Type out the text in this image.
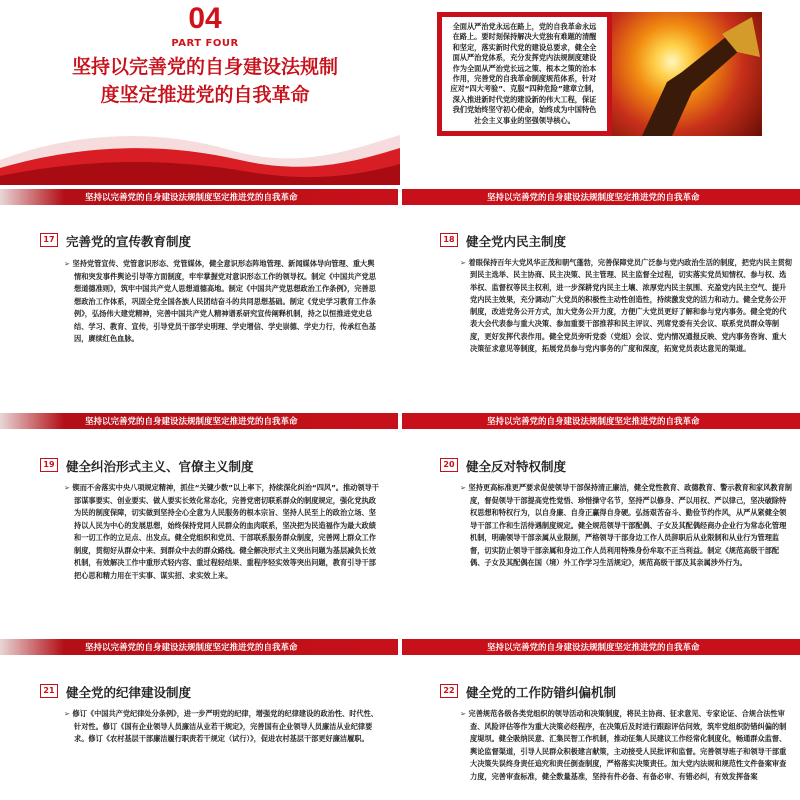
04
PART FOUR
坚持以完善党的自身建设法规制
度坚定推进党的自我革命
全面从严治党永远在路上，党的自我革命永远在路上。要时刻保持解决大党独有难题的清醒和坚定，落实新时代党的建设总要求，健全全面从严治党体系，充分发挥党内法规制度建设作为全面从严治党长远之策、根本之策的治本作用，完善党的自我革命制度规范体系，针对应对“四大考验”、克服“四种危险”建章立制，深入推进新时代党的建设新的伟大工程，保证我们党始终坚守初心使命，始终成为中国特色社会主义事业的坚强领导核心。
坚持以完善党的自身建设法规制度坚定推进党的自我革命	坚持以完善党的自身建设法规制度坚定推进党的自我革命
坚持以完善党的自身建设法规制度坚定推进党的自我革命	坚持以完善党的自身建设法规制度坚定推进党的自我革命
坚持以完善党的自身建设法规制度坚定推进党的自我革命	坚持以完善党的自身建设法规制度坚定推进党的自我革命
17 完善党的宣传教育制度
➢ 坚持党管宣传、党管意识形态、党管媒体，健全意识形态阵地管理、新闻媒体导向管理、重大舆情和突发事件舆论引导等方面制度，牢牢掌握党对意识形态工作的领导权。制定《中国共产党思想道德准则》，筑牢中国共产党人思想道德高地。制定《中国共产党思想政治工作条例》，完善思想政治工作体系，巩固全党全国各族人民团结奋斗的共同思想基础。制定《党史学习教育工作条例》，弘扬伟大建党精神，完善中国共产党人精神谱系研究宣传阐释机制，持之以恒推进党史总结、学习、教育、宣传，引导党员干部学史明理、学史增信、学史崇德、学史力行，传承红色基因，赓续红色血脉。
18 健全党内民主制度
➢ 着眼保持百年大党风华正茂和朝气蓬勃，完善保障党员广泛参与党内政治生活的制度，把党内民主贯彻到民主选举、民主协商、民主决策、民主管理、民主监督全过程，切实落实党员知情权、参与权、选举权、监督权等民主权利，进一步深耕党内民主土壤、浓厚党内民主氛围、充盈党内民主空气、提升党内民主效果，充分调动广大党员的积极性主动性创造性，持续激发党的活力和动力。健全党务公开制度，改进党务公开方式，加大党务公开力度，方便广大党员更好了解和参与党内事务。健全党的代表大会代表参与重大决策、参加重要干部推荐和民主评议、列席党委有关会议、联系党员群众等制度，更好发挥代表作用。健全党员旁听党委（党组）会议、党内情况通报反映、党内事务咨询、重大决策征求意见等制度，拓展党员参与党内事务的广度和深度，拓宽党员表达意见的渠道。
19 健全纠治形式主义、官僚主义制度
➢ 锲而不舍落实中央八项规定精神，抓住“关键少数”以上率下，持续深化纠治“四风”。推动领导干部谋事要实、创业要实、做人要实长效化常态化，完善党密切联系群众的制度规定，强化党执政为民的制度保障，切实做到坚持全心全意为人民服务的根本宗旨、坚持人民至上的政治立场、坚持以人民为中心的发展思想，始终保持党同人民群众的血肉联系，坚决把为民造福作为最大政绩和一切工作的立足点、出发点。健全党组织和党员、干部联系服务群众制度，完善网上群众工作制度，贯彻好从群众中来、到群众中去的群众路线。健全解决形式主义突出问题为基层减负长效机制，有效解决工作中重形式轻内容、重过程轻结果、重程序轻实效等突出问题，教育引导干部把心思和精力用在干实事、谋实招、求实效上来。
20 健全反对特权制度
➢ 坚持更高标准更严要求促使领导干部保持清正廉洁，健全党性教育、政德教育、警示教育和家风教育制度，督促领导干部提高党性觉悟、珍惜操守名节，坚持严以修身、严以用权、严以律己，坚决破除特权思想和特权行为，以自身廉、自身正赢得自身硬。弘扬艰苦奋斗、勤俭节约作风，从严从紧健全领导干部工作和生活待遇制度规定。健全规范领导干部配偶、子女及其配偶经商办企业行为常态化管理机制，明确领导干部亲属从业限制，严格领导干部身边工作人员辞职后从业限制和从业行为管理监督，切实防止领导干部亲属和身边工作人员利用特殊身份牟取不正当利益。制定《规范高级干部配偶、子女及其配偶在国（境）外工作学习生活规定》，规范高级干部及其亲属涉外行为。
21 健全党的纪律建设制度
➢ 修订《中国共产党纪律处分条例》，进一步严明党的纪律，增强党的纪律建设的政治性、时代性、针对性。修订《国有企业领导人员廉洁从业若干规定》，完善国有企业领导人员廉洁从业纪律要求。修订《农村基层干部廉洁履行职责若干规定（试行）》，促进农村基层干部更好廉洁履职。
22 健全党的工作防错纠偏机制
➢ 完善规范各级各类党组织的领导活动和决策制度，将民主协商、征求意见、专家论证、合规合法性审查、风险评估等作为重大决策必经程序，在决策后及时进行跟踪评估问效，筑牢党组织防错纠偏的制度堤坝。健全吸纳民意、汇集民智工作机制，推动征集人民建议工作经常化制度化，畅通群众监督、舆论监督渠道，引导人民群众积极建言献策，主动接受人民批评和监督。完善领导班子和领导干部重大决策失误终身责任追究和责任倒查制度，严格落实决策责任。加大党内法规和规范性文件备案审查力度，完善审查标准，健全数量基准，坚持有件必备、有备必审、有错必纠，有效发挥备案
